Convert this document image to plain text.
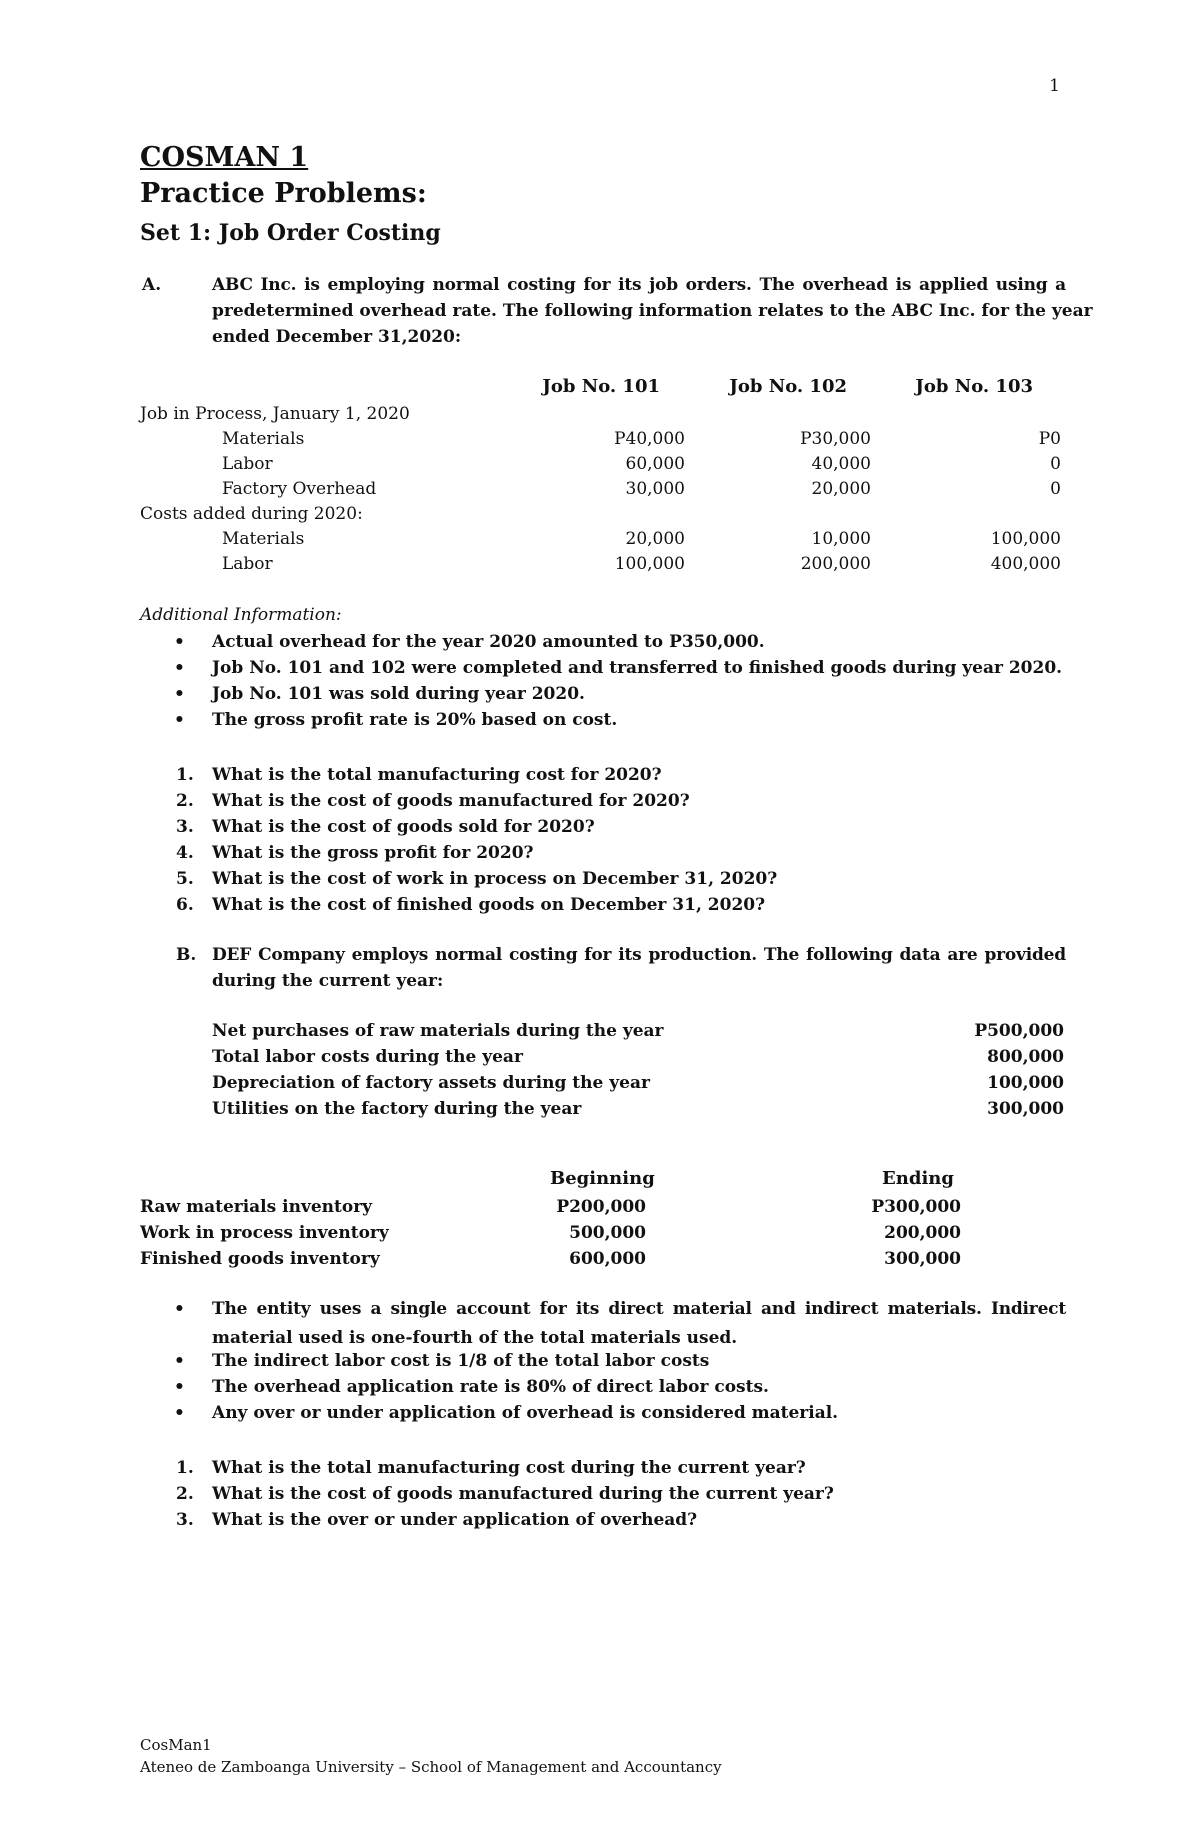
1
COSMAN 1
Practice Problems:
Set 1: Job Order Costing
A.	ABC Inc. is employing normal costing for its job orders. The overhead is applied using a
predetermined overhead rate. The following information relates to the ABC Inc. for the year
ended December 31,2020:
Job No. 101	Job No. 102	Job No. 103
Job in Process, January 1, 2020
Materials	P40,000	P30,000	P0
Labor	60,000	40,000	0
Factory Overhead	30,000	20,000	0
Costs added during 2020:
Materials	20,000	10,000	100,000
Labor	100,000	200,000	400,000
Additional Information:
• Actual overhead for the year 2020 amounted to P350,000.
• Job No. 101 and 102 were completed and transferred to finished goods during year 2020.
• Job No. 101 was sold during year 2020.
• The gross profit rate is 20% based on cost.
1. What is the total manufacturing cost for 2020?
2. What is the cost of goods manufactured for 2020?
3. What is the cost of goods sold for 2020?
4. What is the gross profit for 2020?
5. What is the cost of work in process on December 31, 2020?
6. What is the cost of finished goods on December 31, 2020?
B. DEF Company employs normal costing for its production. The following data are provided
during the current year:
Net purchases of raw materials during the year	P500,000
Total labor costs during the year	800,000
Depreciation of factory assets during the year	100,000
Utilities on the factory during the year	300,000
Beginning	Ending
Raw materials inventory	P200,000	P300,000
Work in process inventory	500,000	200,000
Finished goods inventory	600,000	300,000
• The entity uses a single account for its direct material and indirect materials. Indirect
material used is one-fourth of the total materials used.
• The indirect labor cost is 1/8 of the total labor costs
• The overhead application rate is 80% of direct labor costs.
• Any over or under application of overhead is considered material.
1. What is the total manufacturing cost during the current year?
2. What is the cost of goods manufactured during the current year?
3. What is the over or under application of overhead?
CosMan1
Ateneo de Zamboanga University – School of Management and Accountancy
